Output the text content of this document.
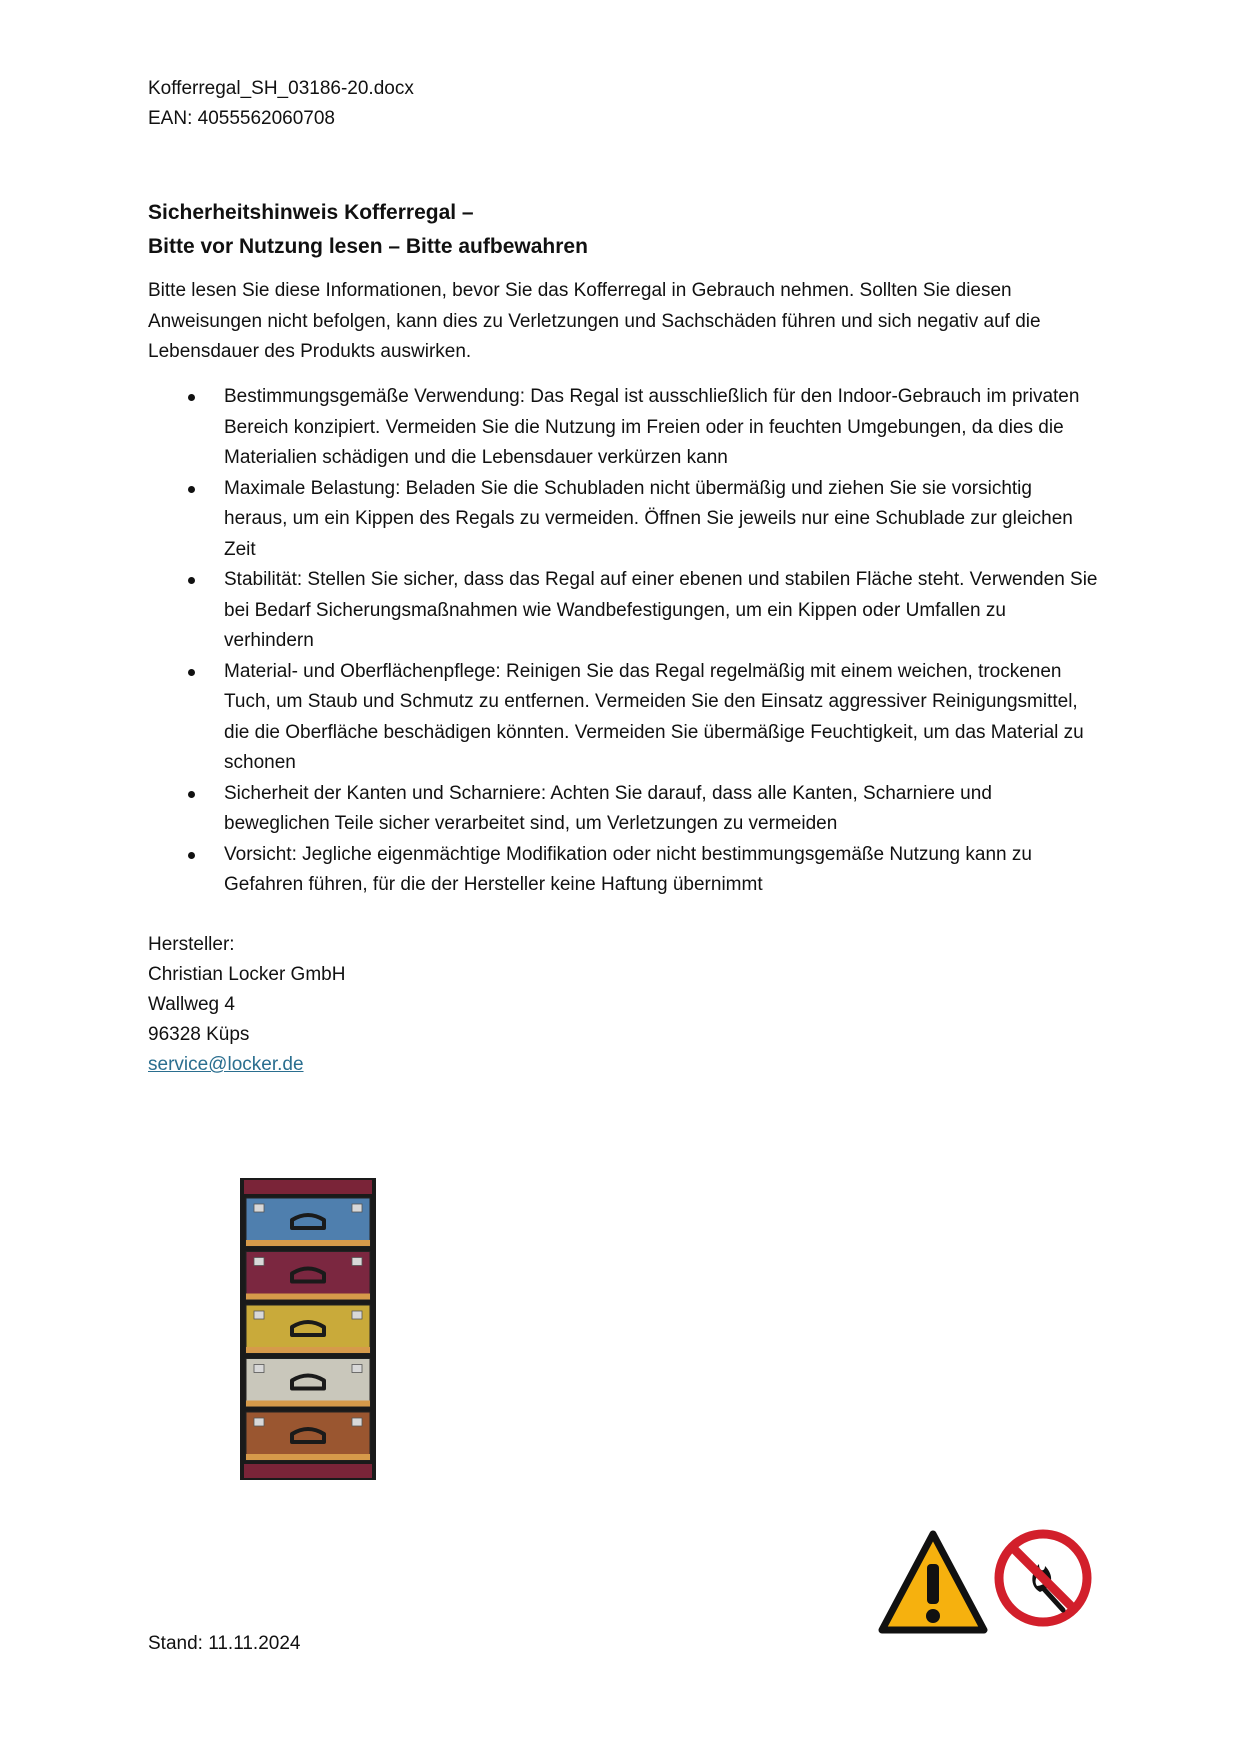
Kofferregal_SH_03186-20.docx
EAN: 4055562060708
Sicherheitshinweis Kofferregal –
Bitte vor Nutzung lesen – Bitte aufbewahren
Bitte lesen Sie diese Informationen, bevor Sie das Kofferregal in Gebrauch nehmen. Sollten Sie diesen Anweisungen nicht befolgen, kann dies zu Verletzungen und Sachschäden führen und sich negativ auf die Lebensdauer des Produkts auswirken.
Bestimmungsgemäße Verwendung: Das Regal ist ausschließlich für den Indoor-Gebrauch im privaten Bereich konzipiert. Vermeiden Sie die Nutzung im Freien oder in feuchten Umgebungen, da dies die Materialien schädigen und die Lebensdauer verkürzen kann
Maximale Belastung: Beladen Sie die Schubladen nicht übermäßig und ziehen Sie sie vorsichtig heraus, um ein Kippen des Regals zu vermeiden. Öffnen Sie jeweils nur eine Schublade zur gleichen Zeit
Stabilität: Stellen Sie sicher, dass das Regal auf einer ebenen und stabilen Fläche steht. Verwenden Sie bei Bedarf Sicherungsmaßnahmen wie Wandbefestigungen, um ein Kippen oder Umfallen zu verhindern
Material- und Oberflächenpflege: Reinigen Sie das Regal regelmäßig mit einem weichen, trockenen Tuch, um Staub und Schmutz zu entfernen. Vermeiden Sie den Einsatz aggressiver Reinigungsmittel, die die Oberfläche beschädigen könnten. Vermeiden Sie übermäßige Feuchtigkeit, um das Material zu schonen
Sicherheit der Kanten und Scharniere: Achten Sie darauf, dass alle Kanten, Scharniere und beweglichen Teile sicher verarbeitet sind, um Verletzungen zu vermeiden
Vorsicht: Jegliche eigenmächtige Modifikation oder nicht bestimmungsgemäße Nutzung kann zu Gefahren führen, für die der Hersteller keine Haftung übernimmt
Hersteller:
Christian Locker GmbH
Wallweg 4
96328 Küps
service@locker.de
Stand: 11.11.2024
